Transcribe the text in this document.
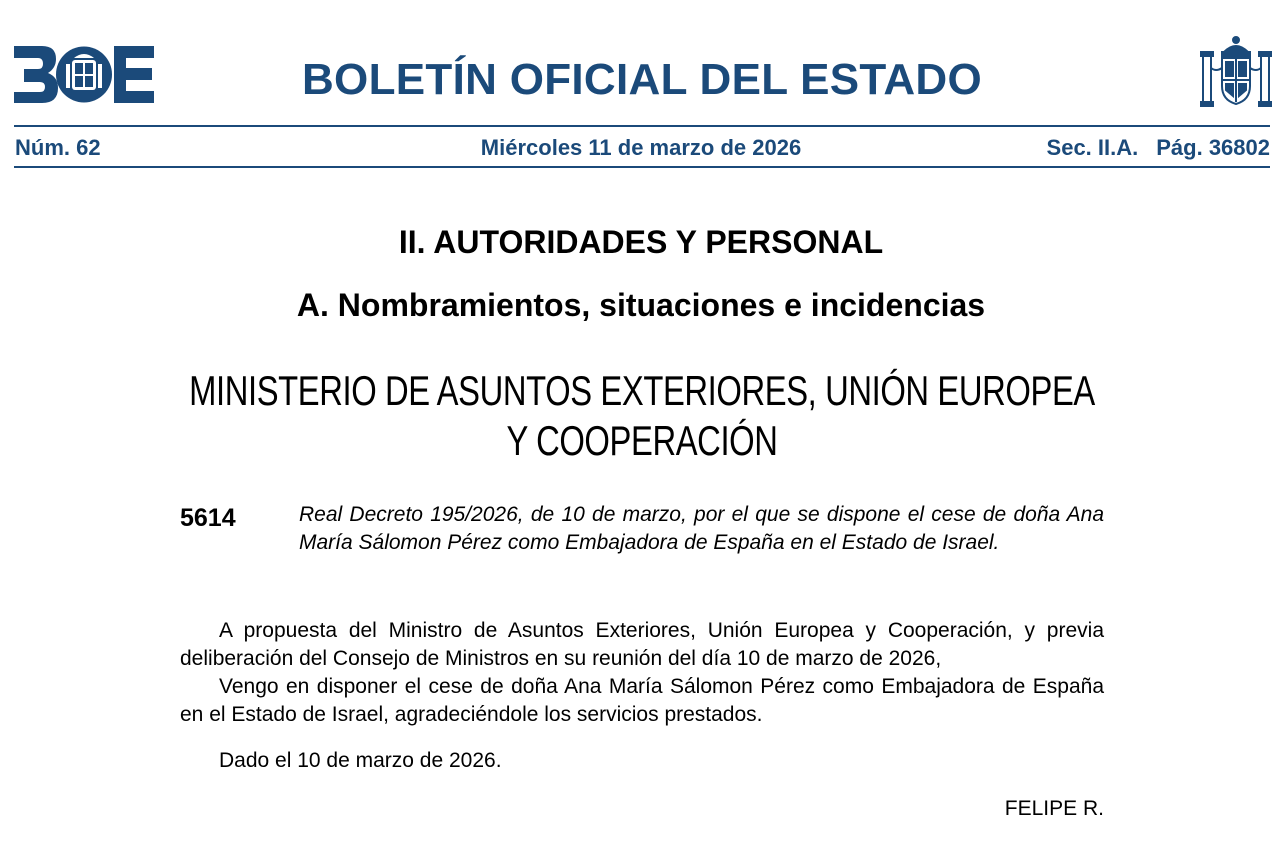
BOLETÍN OFICIAL DEL ESTADO
Núm. 62	Miércoles 11 de marzo de 2026	Sec. II.A. Pág. 36802
II. AUTORIDADES Y PERSONAL
A. Nombramientos, situaciones e incidencias
MINISTERIO DE ASUNTOS EXTERIORES, UNIÓN EUROPEA
Y COOPERACIÓN
5614	Real Decreto 195/2026, de 10 de marzo, por el que se dispone el cese de doña Ana María Sálomon Pérez como Embajadora de España en el Estado de Israel.

A propuesta del Ministro de Asuntos Exteriores, Unión Europea y Cooperación, y previa deliberación del Consejo de Ministros en su reunión del día 10 de marzo de 2026,

Vengo en disponer el cese de doña Ana María Sálomon Pérez como Embajadora de España en el Estado de Israel, agradeciéndole los servicios prestados.

Dado el 10 de marzo de 2026.
FELIPE R.
